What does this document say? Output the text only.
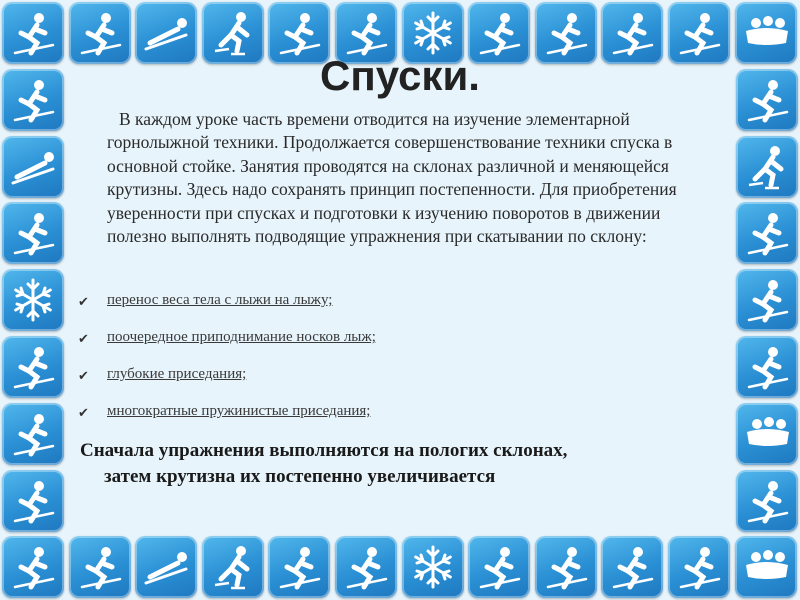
Спуски.

В каждом уроке часть времени отводится на изучение элементарной горнолыжной техники. Продолжается совершенствование техники спуска в основной стойке. Занятия проводятся на склонах различной и меняющейся крутизны. Здесь надо сохранять принцип постепенности. Для приобретения уверенности при спусках и подготовки к изучению поворотов в движении полезно выполнять подводящие упражнения при скатывании по склону:

✔ перенос веса тела с лыжи на лыжу;
✔ поочередное приподнимание носков лыж;
✔ глубокие приседания;
✔ многократные пружинистые приседания;

Сначала упражнения выполняются на пологих склонах,
затем крутизна их постепенно увеличивается
